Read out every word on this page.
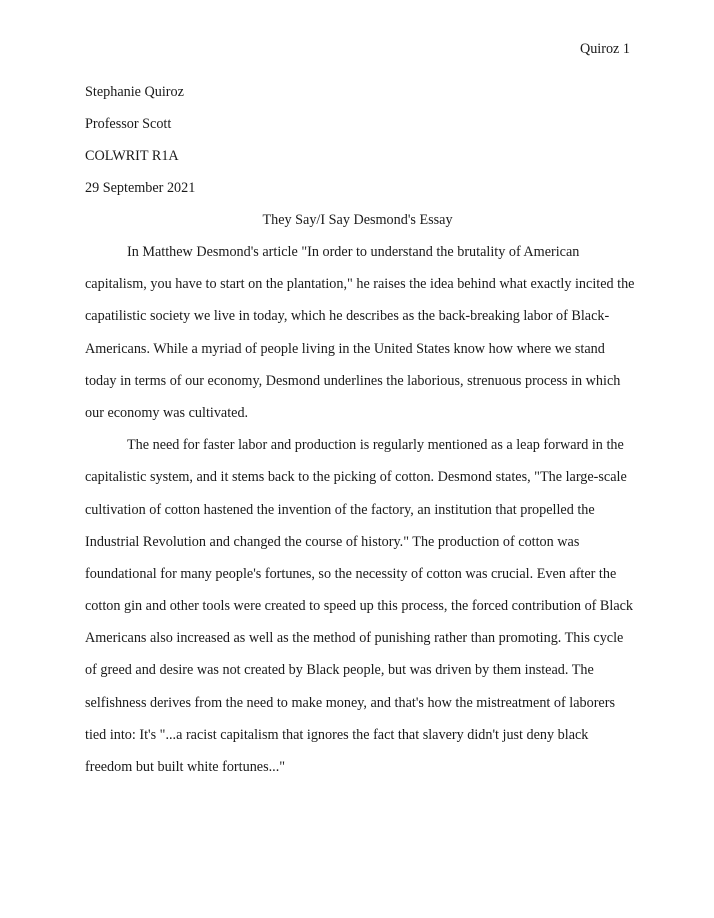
Quiroz 1
Stephanie Quiroz
Professor Scott
COLWRIT R1A
29 September 2021
They Say/I Say Desmond's Essay
In Matthew Desmond's article "In order to understand the brutality of American
capitalism, you have to start on the plantation," he raises the idea behind what exactly incited the
capatilistic society we live in today, which he describes as the back-breaking labor of Black-
Americans. While a myriad of people living in the United States know how where we stand
today in terms of our economy, Desmond underlines the laborious, strenuous process in which
our economy was cultivated.
The need for faster labor and production is regularly mentioned as a leap forward in the
capitalistic system, and it stems back to the picking of cotton. Desmond states, "The large-scale
cultivation of cotton hastened the invention of the factory, an institution that propelled the
Industrial Revolution and changed the course of history." The production of cotton was
foundational for many people's fortunes, so the necessity of cotton was crucial. Even after the
cotton gin and other tools were created to speed up this process, the forced contribution of Black
Americans also increased as well as the method of punishing rather than promoting. This cycle
of greed and desire was not created by Black people, but was driven by them instead. The
selfishness derives from the need to make money, and that's how the mistreatment of laborers
tied into: It's "...a racist capitalism that ignores the fact that slavery didn't just deny black
freedom but built white fortunes..."
